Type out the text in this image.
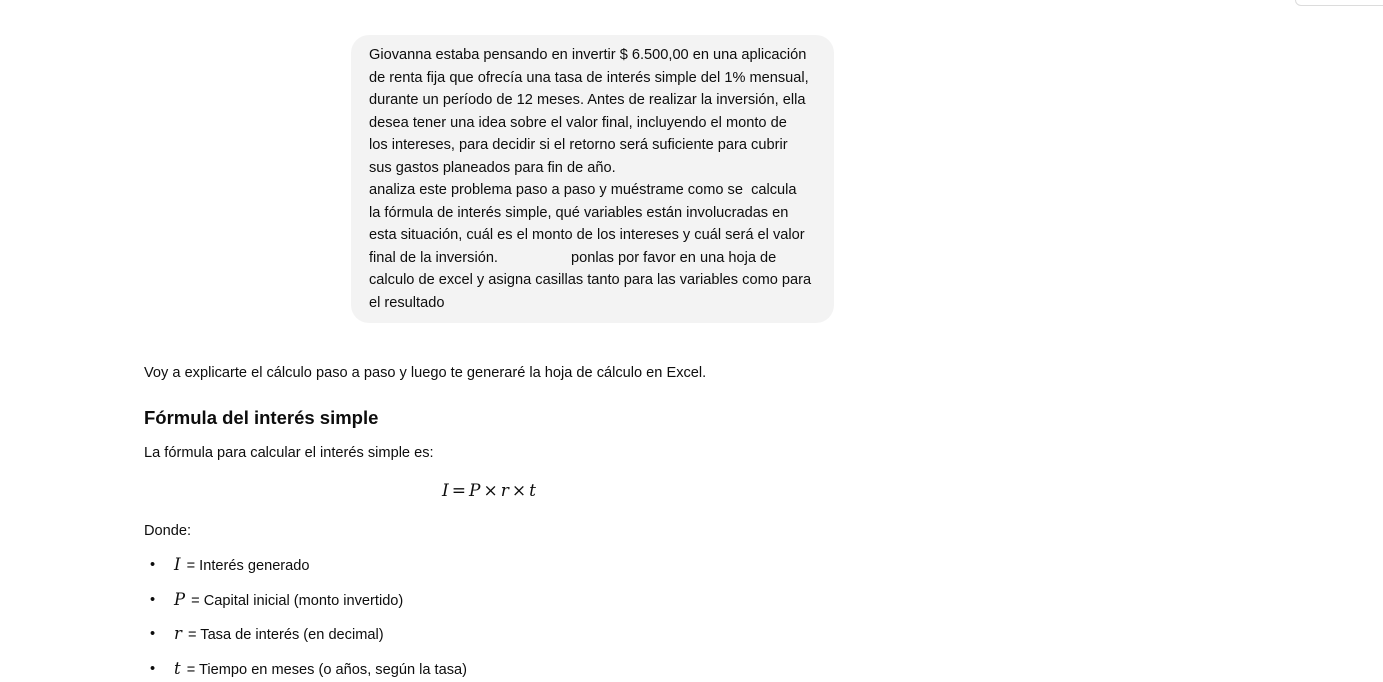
Giovanna estaba pensando en invertir $ 6.500,00 en una aplicación
de renta fija que ofrecía una tasa de interés simple del 1% mensual,
durante un período de 12 meses. Antes de realizar la inversión, ella
desea tener una idea sobre el valor final, incluyendo el monto de
los intereses, para decidir si el retorno será suficiente para cubrir
sus gastos planeados para fin de año.
analiza este problema paso a paso y muéstrame como se  calcula
la fórmula de interés simple, qué variables están involucradas en
esta situación, cuál es el monto de los intereses y cuál será el valor
final de la inversión.                  ponlas por favor en una hoja de
calculo de excel y asigna casillas tanto para las variables como para
el resultado

Voy a explicarte el cálculo paso a paso y luego te generaré la hoja de cálculo en Excel.

Fórmula del interés simple

La fórmula para calcular el interés simple es:

I = P × r × t

Donde:

• I = Interés generado
• P = Capital inicial (monto invertido)
• r = Tasa de interés (en decimal)
• t = Tiempo en meses (o años, según la tasa)
